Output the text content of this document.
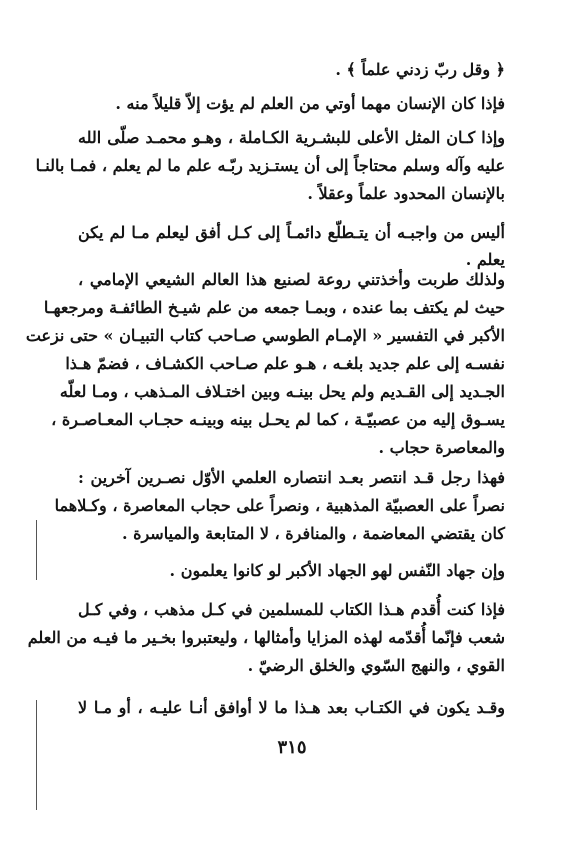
﴿ وقل ربّ زدني علماً ﴾ .
فإذا كان الإنسان مهما أوتي من العلم لم يؤت إلاّ قليلاً منه .
وإذا كـان المثل الأعلى للبشـرية الكـاملة ، وهـو محمـد صلّى الله
عليه وآله وسلم محتاجاً إلى أن يستـزيد ربّـه علم ما لم يعلم ، فمـا بالنـا
بالإنسان المحدود علماً وعقلاً .
أليس من واجبـه أن يتـطلّع دائمـاً إلى كـل أفق ليعلم مـا لم يكن
يعلم .
ولذلك طربت وأخذتني روعة لصنيع هذا العالم الشيعي الإمامي ،
حيث لم يكتف بما عنده ، وبمـا جمعه من علم شيـخ الطائفـة ومرجعهـا
الأكبر في التفسير « الإمـام الطوسي صـاحب كتاب التبيـان » حتى نزعت
نفسـه إلى علم جديد بلغـه ، هـو علم صـاحب الكشـاف ، فضمّ هـذا
الجـديد إلى القـديم ولم يحل بينـه وبين اختـلاف المـذهب ، ومـا لعلّه
يسـوق إليه من عصبيّـة ، كما لم يحـل بينه وبينـه حجـاب المعـاصـرة ،
والمعاصرة حجاب .
فهذا رجل قـد انتصر بعـد انتصاره العلمي الأوّل نصـرين آخرين :
نصراً على العصبيّة المذهبية ، ونصراً على حجاب المعاصرة ، وكـلاهما
كان يقتضي المعاضمة ، والمنافرة ، لا المتابعة والمياسرة .
وإن جهاد النّفس لهو الجهاد الأكبر لو كانوا يعلمون .
فإذا كنت أُقدم هـذا الكتاب للمسلمين في كـل مذهب ، وفي كـل
شعب فإنّما أُقدّمه لهذه المزايا وأمثالها ، وليعتبروا بخـير ما فيـه من العلم
القوي ، والنهج السّوي والخلق الرضيّ .
وقـد يكون في الكتـاب بعد هـذا ما لا أوافق أنـا عليـه ، أو مـا لا
٣١٥
